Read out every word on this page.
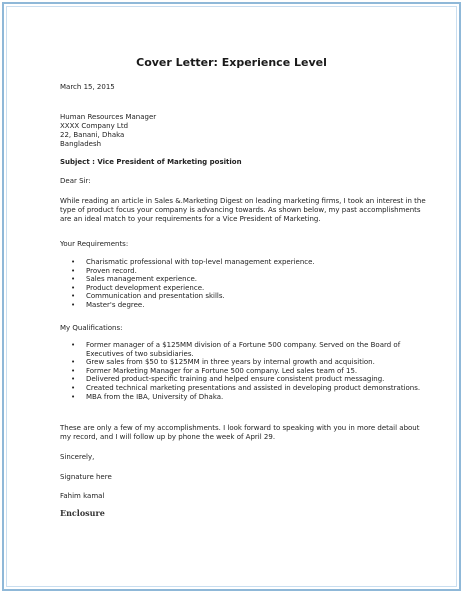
Cover Letter: Experience Level
March 15, 2015
Human Resources Manager
XXXX Company Ltd
22, Banani, Dhaka
Bangladesh
Subject : Vice President of Marketing position
Dear Sir:
While reading an article in Sales &.Marketing Digest on leading marketing firms, I took an interest in the type of product focus your company is advancing towards. As shown below, my past accomplishments are an ideal match to your requirements for a Vice President of Marketing.
Your Requirements:
• Charismatic professional with top-level management experience.
• Proven record.
• Sales management experience.
• Product development experience.
• Communication and presentation skills.
• Master's degree.
My Qualifications:
• Former manager of a $125MM division of a Fortune 500 company. Served on the Board of Executives of two subsidiaries.
• Grew sales from $50 to $125MM in three years by internal growth and acquisition.
• Former Marketing Manager for a Fortune 500 company. Led sales team of 15.
• Delivered product-specific training and helped ensure consistent product messaging.
• Created technical marketing presentations and assisted in developing product demonstrations.
• MBA from the IBA, University of Dhaka.
These are only a few of my accomplishments. I look forward to speaking with you in more detail about my record, and I will follow up by phone the week of April 29.
Sincerely,
Signature here
Fahim kamal
Enclosure
